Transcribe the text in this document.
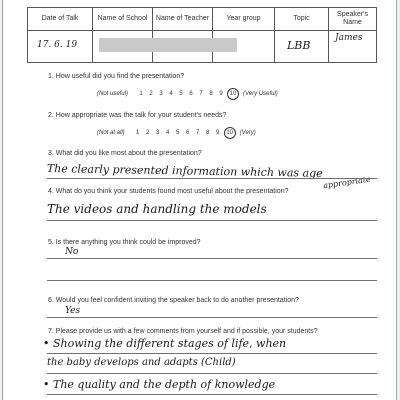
Date of Talk	Name of School	Name of Teacher	Year group	Topic	Speaker's Name

17. 6. 19				LBB	James
1. How useful did you find the presentation?
(Not useful)	1	2	3	4	5	6	7	8	9	10	(Very Useful)
2. How appropriate was the talk for your student's needs?
(Not at all)	1	2	3	4	5	6	7	8	9	10	(Very)
3. What did you like most about the presentation?
The clearly presented information which was age
appropriate
4. What do you think your students found most useful about the presentation?
The videos and handling the models
5. Is there anything you think could be improved?
No
6. Would you feel confident inviting the speaker back to do another presentation?
Yes
7. Please provide us with a few comments from yourself and if possible, your students?
• Showing the different stages of life, when
the baby develops and adapts (Child)
• The quality and the depth of knowledge
